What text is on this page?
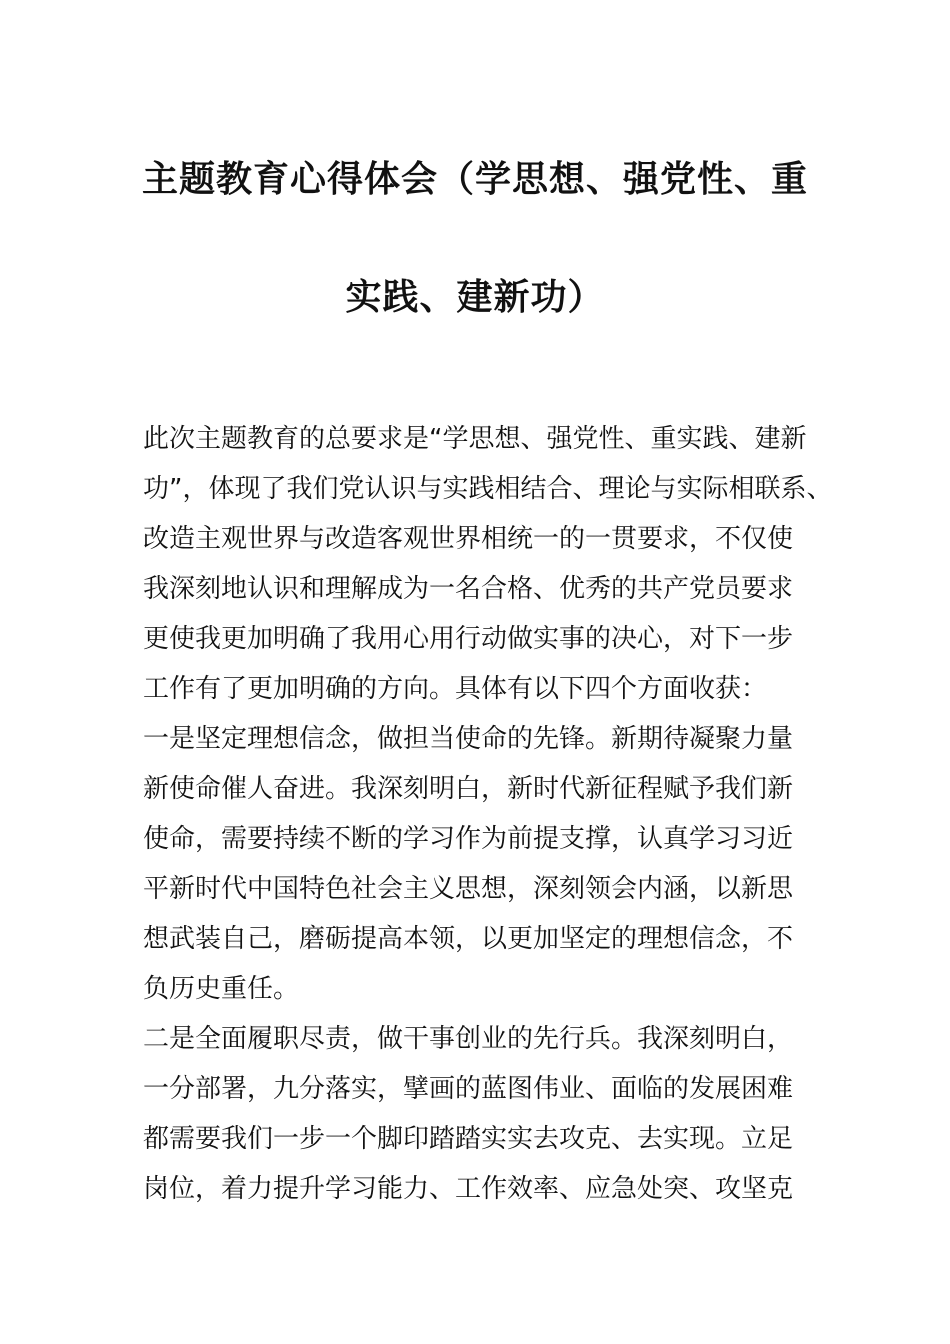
主题教育心得体会（学思想、强党性、重
实践、建新功）
此次主题教育的总要求是“学思想、强党性、重实践、建新
功”，体现了我们党认识与实践相结合、理论与实际相联系、
改造主观世界与改造客观世界相统一的一贯要求，不仅使
我深刻地认识和理解成为一名合格、优秀的共产党员要求
更使我更加明确了我用心用行动做实事的决心，对下一步
工作有了更加明确的方向。具体有以下四个方面收获：
一是坚定理想信念，做担当使命的先锋。新期待凝聚力量
新使命催人奋进。我深刻明白，新时代新征程赋予我们新
使命，需要持续不断的学习作为前提支撑，认真学习习近
平新时代中国特色社会主义思想，深刻领会内涵，以新思
想武装自己，磨砺提高本领，以更加坚定的理想信念，不
负历史重任。
二是全面履职尽责，做干事创业的先行兵。我深刻明白，
一分部署，九分落实，擘画的蓝图伟业、面临的发展困难
都需要我们一步一个脚印踏踏实实去攻克、去实现。立足
岗位，着力提升学习能力、工作效率、应急处突、攻坚克
